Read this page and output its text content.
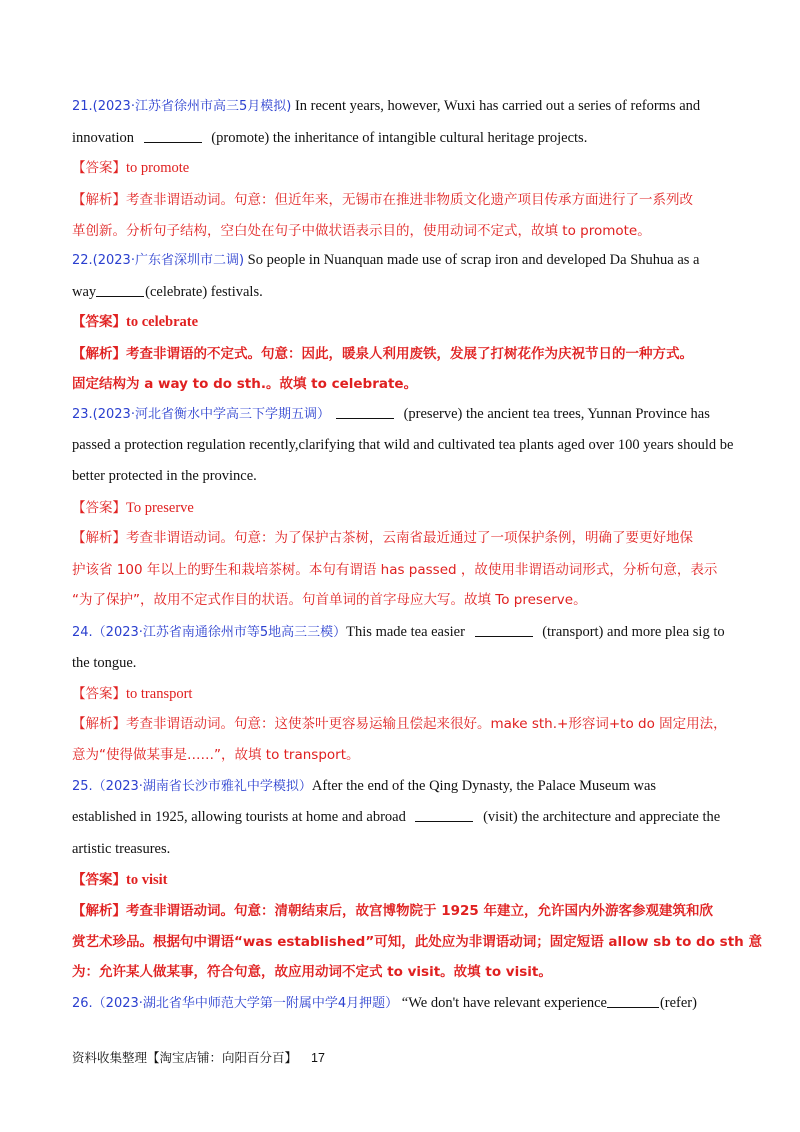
21.(2023·江苏省徐州市高三5月模拟) In recent years, however, Wuxi has carried out a series of reforms and
innovation	(promote) the inheritance of intangible cultural heritage projects.
【答案】to promote
【解析】考查非谓语动词。句意：但近年来，无锡市在推进非物质文化遗产项目传承方面进行了一系列改
革创新。分析句子结构，空白处在句子中做状语表示目的，使用动词不定式，故填 to promote。
22.(2023·广东省深圳市二调) So people in Nuanquan made use of scrap iron and developed Da Shuhua as a
way	(celebrate) festivals.
【答案】to celebrate
【解析】考查非谓语的不定式。句意：因此，暖泉人利用废铁，发展了打树花作为庆祝节日的一种方式。
固定结构为 a way to do sth.。故填 to celebrate。
23.(2023·河北省衡水中学高三下学期五调）	(preserve) the ancient tea trees, Yunnan Province has
passed a protection regulation recently,clarifying that wild and cultivated tea plants aged over 100 years should be
better protected in the province.
【答案】To preserve
【解析】考查非谓语动词。句意：为了保护古茶树，云南省最近通过了一项保护条例，明确了要更好地保
护该省 100 年以上的野生和栽培茶树。本句有谓语 has passed ，故使用非谓语动词形式，分析句意，表示
“为了保护”，故用不定式作目的状语。句首单词的首字母应大写。故填 To preserve。
24.（2023·江苏省南通徐州市等5地高三三模）This made tea easier	(transport) and more plea sig to
the tongue.
【答案】to transport
【解析】考查非谓语动词。句意：这使茶叶更容易运输且偿起来很好。make sth.+形容词+to do 固定用法，
意为“使得做某事是……”，故填 to transport。
25.（2023·湖南省长沙市雅礼中学模拟）After the end of the Qing Dynasty, the Palace Museum was
established in 1925, allowing tourists at home and abroad	(visit) the architecture and appreciate the
artistic treasures.
【答案】to visit
【解析】考查非谓语动词。句意：清朝结束后，故宫博物院于 1925 年建立，允许国内外游客参观建筑和欣
赏艺术珍品。根据句中谓语“was established”可知，此处应为非谓语动词；固定短语 allow sb to do sth 意
为：允许某人做某事，符合句意，故应用动词不定式 to visit。故填 to visit。
26.（2023·湖北省华中师范大学第一附属中学4月押题） “We don't have relevant experience	(refer)
资料收集整理【淘宝店铺：向阳百分百】 17
